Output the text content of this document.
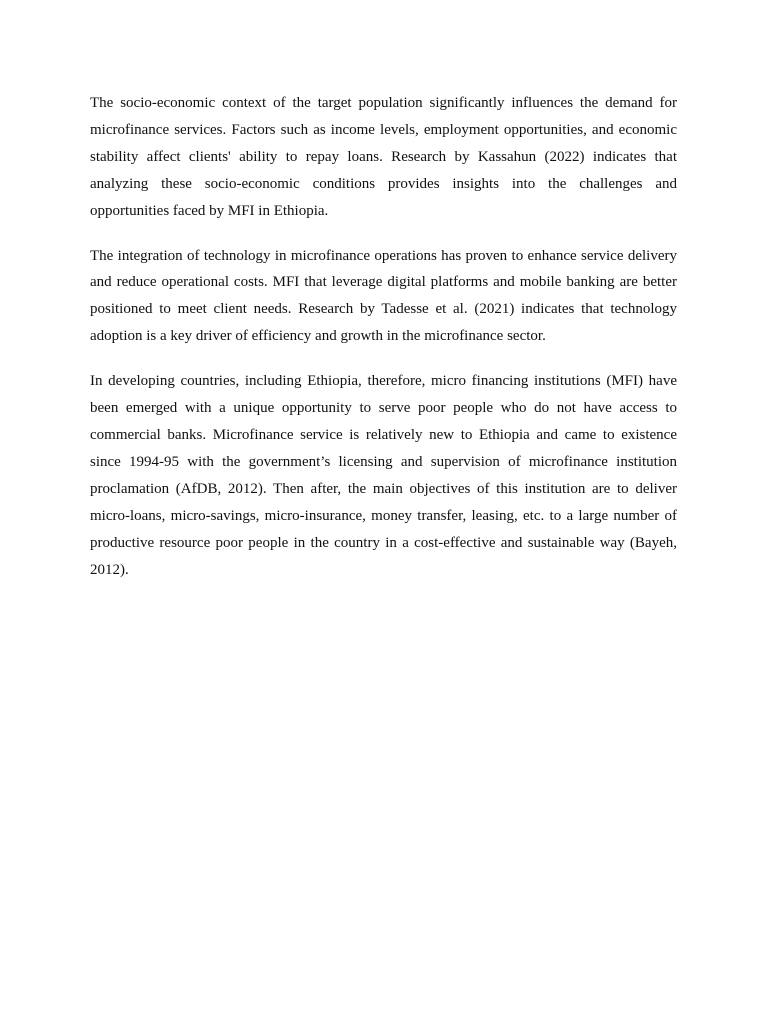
The socio-economic context of the target population significantly influences the demand for microfinance services. Factors such as income levels, employment opportunities, and economic stability affect clients' ability to repay loans. Research by Kassahun (2022) indicates that analyzing these socio-economic conditions provides insights into the challenges and opportunities faced by MFI in Ethiopia.

The integration of technology in microfinance operations has proven to enhance service delivery and reduce operational costs. MFI that leverage digital platforms and mobile banking are better positioned to meet client needs. Research by Tadesse et al. (2021) indicates that technology adoption is a key driver of efficiency and growth in the microfinance sector.

In developing countries, including Ethiopia, therefore, micro financing institutions (MFI) have been emerged with a unique opportunity to serve poor people who do not have access to commercial banks. Microfinance service is relatively new to Ethiopia and came to existence since 1994-95 with the government’s licensing and supervision of microfinance institution proclamation (AfDB, 2012). Then after, the main objectives of this institution are to deliver micro-loans, micro-savings, micro-insurance, money transfer, leasing, etc. to a large number of productive resource poor people in the country in a cost-effective and sustainable way (Bayeh, 2012).
